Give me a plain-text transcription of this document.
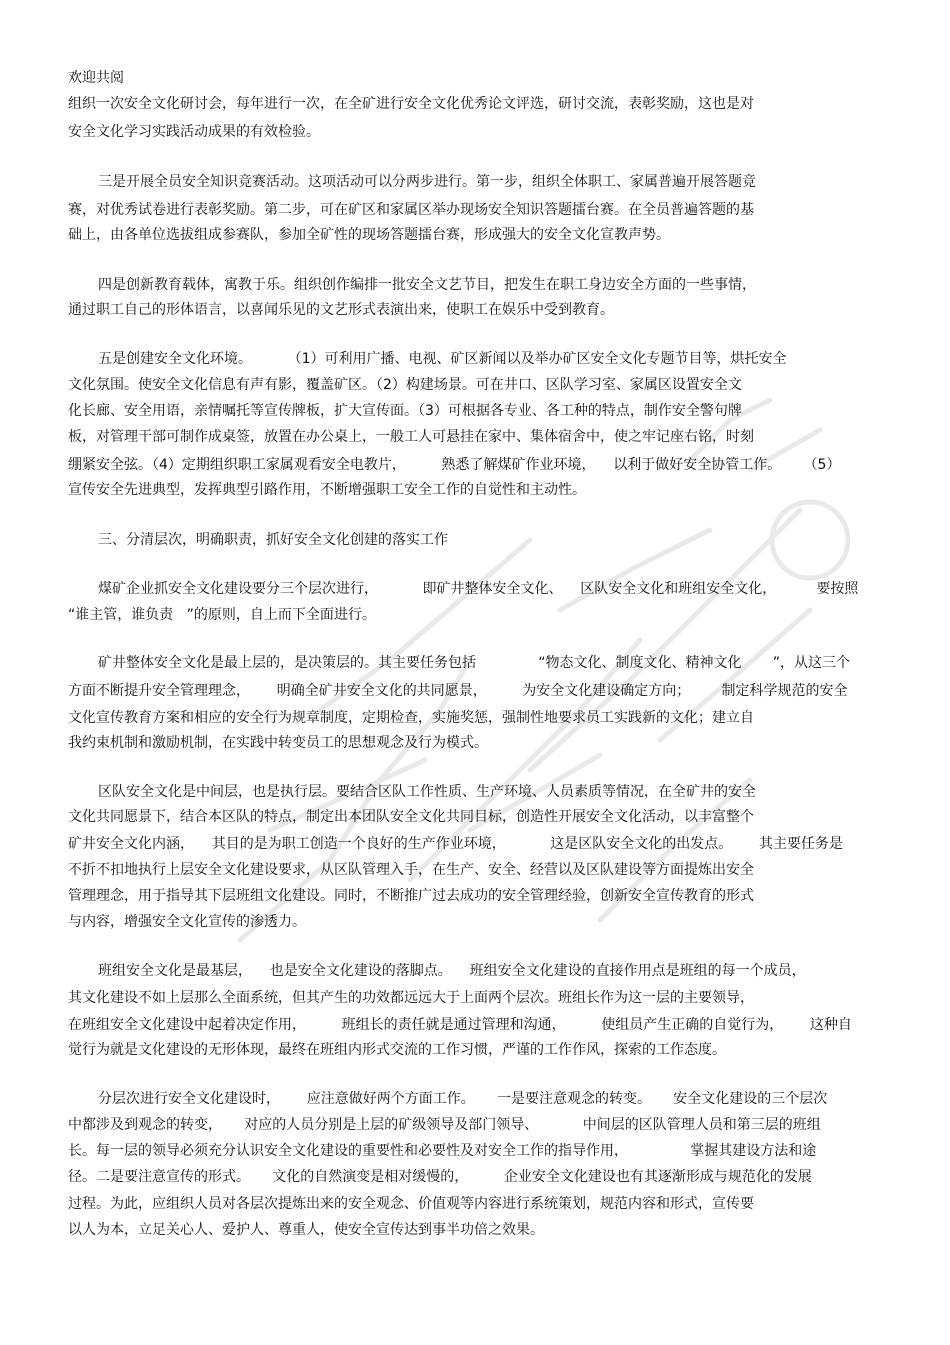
欢迎共阅
组织一次安全文化研讨会，每年进行一次，在全矿进行安全文化优秀论文评选，研讨交流，表彰奖励，这也是对
安全文化学习实践活动成果的有效检验。
三是开展全员安全知识竞赛活动。这项活动可以分两步进行。第一步，组织全体职工、家属普遍开展答题竞
赛，对优秀试卷进行表彰奖励。第二步，可在矿区和家属区举办现场安全知识答题擂台赛。在全员普遍答题的基
础上，由各单位选拔组成参赛队，参加全矿性的现场答题擂台赛，形成强大的安全文化宣教声势。
四是创新教育载体，寓教于乐。组织创作编排一批安全文艺节目，把发生在职工身边安全方面的一些事情，
通过职工自己的形体语言，以喜闻乐见的文艺形式表演出来，使职工在娱乐中受到教育。
五是创建安全文化环境。        （1）可利用广播、电视、矿区新闻以及举办矿区安全文化专题节目等，烘托安全
文化氛围。使安全文化信息有声有影，覆盖矿区。（2）构建场景。可在井口、区队学习室、家属区设置安全文
化长廊、安全用语，亲情嘱托等宣传牌板，扩大宣传面。（3）可根据各专业、各工种的特点，制作安全警句牌
板，对管理干部可制作成桌签，放置在办公桌上，一般工人可悬挂在家中、集体宿舍中，使之牢记座右铭，时刻
绷紧安全弦。（4）定期组织职工家属观看安全电教片，        熟悉了解煤矿作业环境，    以利于做好安全协管工作。     （5）
宣传安全先进典型，发挥典型引路作用，不断增强职工安全工作的自觉性和主动性。
三、分清层次，明确职责，抓好安全文化创建的落实工作
煤矿企业抓安全文化建设要分三个层次进行，          即矿井整体安全文化、    区队安全文化和班组安全文化，         要按照
“谁主管，谁负责   ”的原则，自上而下全面进行。
矿井整体安全文化是最上层的，是决策层的。其主要任务包括              “物态文化、制度文化、精神文化       ”，从这三个
方面不断提升安全管理理念，      明确全矿井安全文化的共同愿景，        为安全文化建设确定方向；       制定科学规范的安全
文化宣传教育方案和相应的安全行为规章制度，定期检查，实施奖惩，强制性地要求员工实践新的文化；建立自
我约束机制和激励机制，在实践中转变员工的思想观念及行为模式。
区队安全文化是中间层，也是执行层。要结合区队工作性质、生产环境、人员素质等情况，在全矿井的安全
文化共同愿景下，结合本区队的特点，制定出本团队安全文化共同目标，创造性开展安全文化活动，以丰富整个
矿井安全文化内涵，    其目的是为职工创造一个良好的生产作业环境，          这是区队安全文化的出发点。      其主要任务是
不折不扣地执行上层安全文化建设要求，从区队管理入手，在生产、安全、经营以及区队建设等方面提炼出安全
管理理念，用于指导其下层班组文化建设。同时，不断推广过去成功的安全管理经验，创新安全宣传教育的形式
与内容，增强安全文化宣传的渗透力。
班组安全文化是最基层，    也是安全文化建设的落脚点。    班组安全文化建设的直接作用点是班组的每一个成员，
其文化建设不如上层那么全面系统，但其产生的功效都远远大于上面两个层次。班组长作为这一层的主要领导，
在班组安全文化建设中起着决定作用，        班组长的责任就是通过管理和沟通，        使组员产生正确的自觉行为，      这种自
觉行为就是文化建设的无形体现，最终在班组内形式交流的工作习惯，严谨的工作作风，探索的工作态度。
分层次进行安全文化建设时，      应注意做好两个方面工作。     一是要注意观念的转变。     安全文化建设的三个层次
中都涉及到观念的转变，     对应的人员分别是上层的矿级领导及部门领导、          中间层的区队管理人员和第三层的班组
长。每一层的领导必须充分认识安全文化建设的重要性和必要性及对安全工作的指导作用，              掌握其建设方法和途
径。二是要注意宣传的形式。     文化的自然演变是相对缓慢的，        企业安全文化建设也有其逐渐形成与规范化的发展
过程。为此，应组织人员对各层次提炼出来的安全观念、价值观等内容进行系统策划，规范内容和形式，宣传要
以人为本，立足关心人、爱护人、尊重人，使安全宣传达到事半功倍之效果。
